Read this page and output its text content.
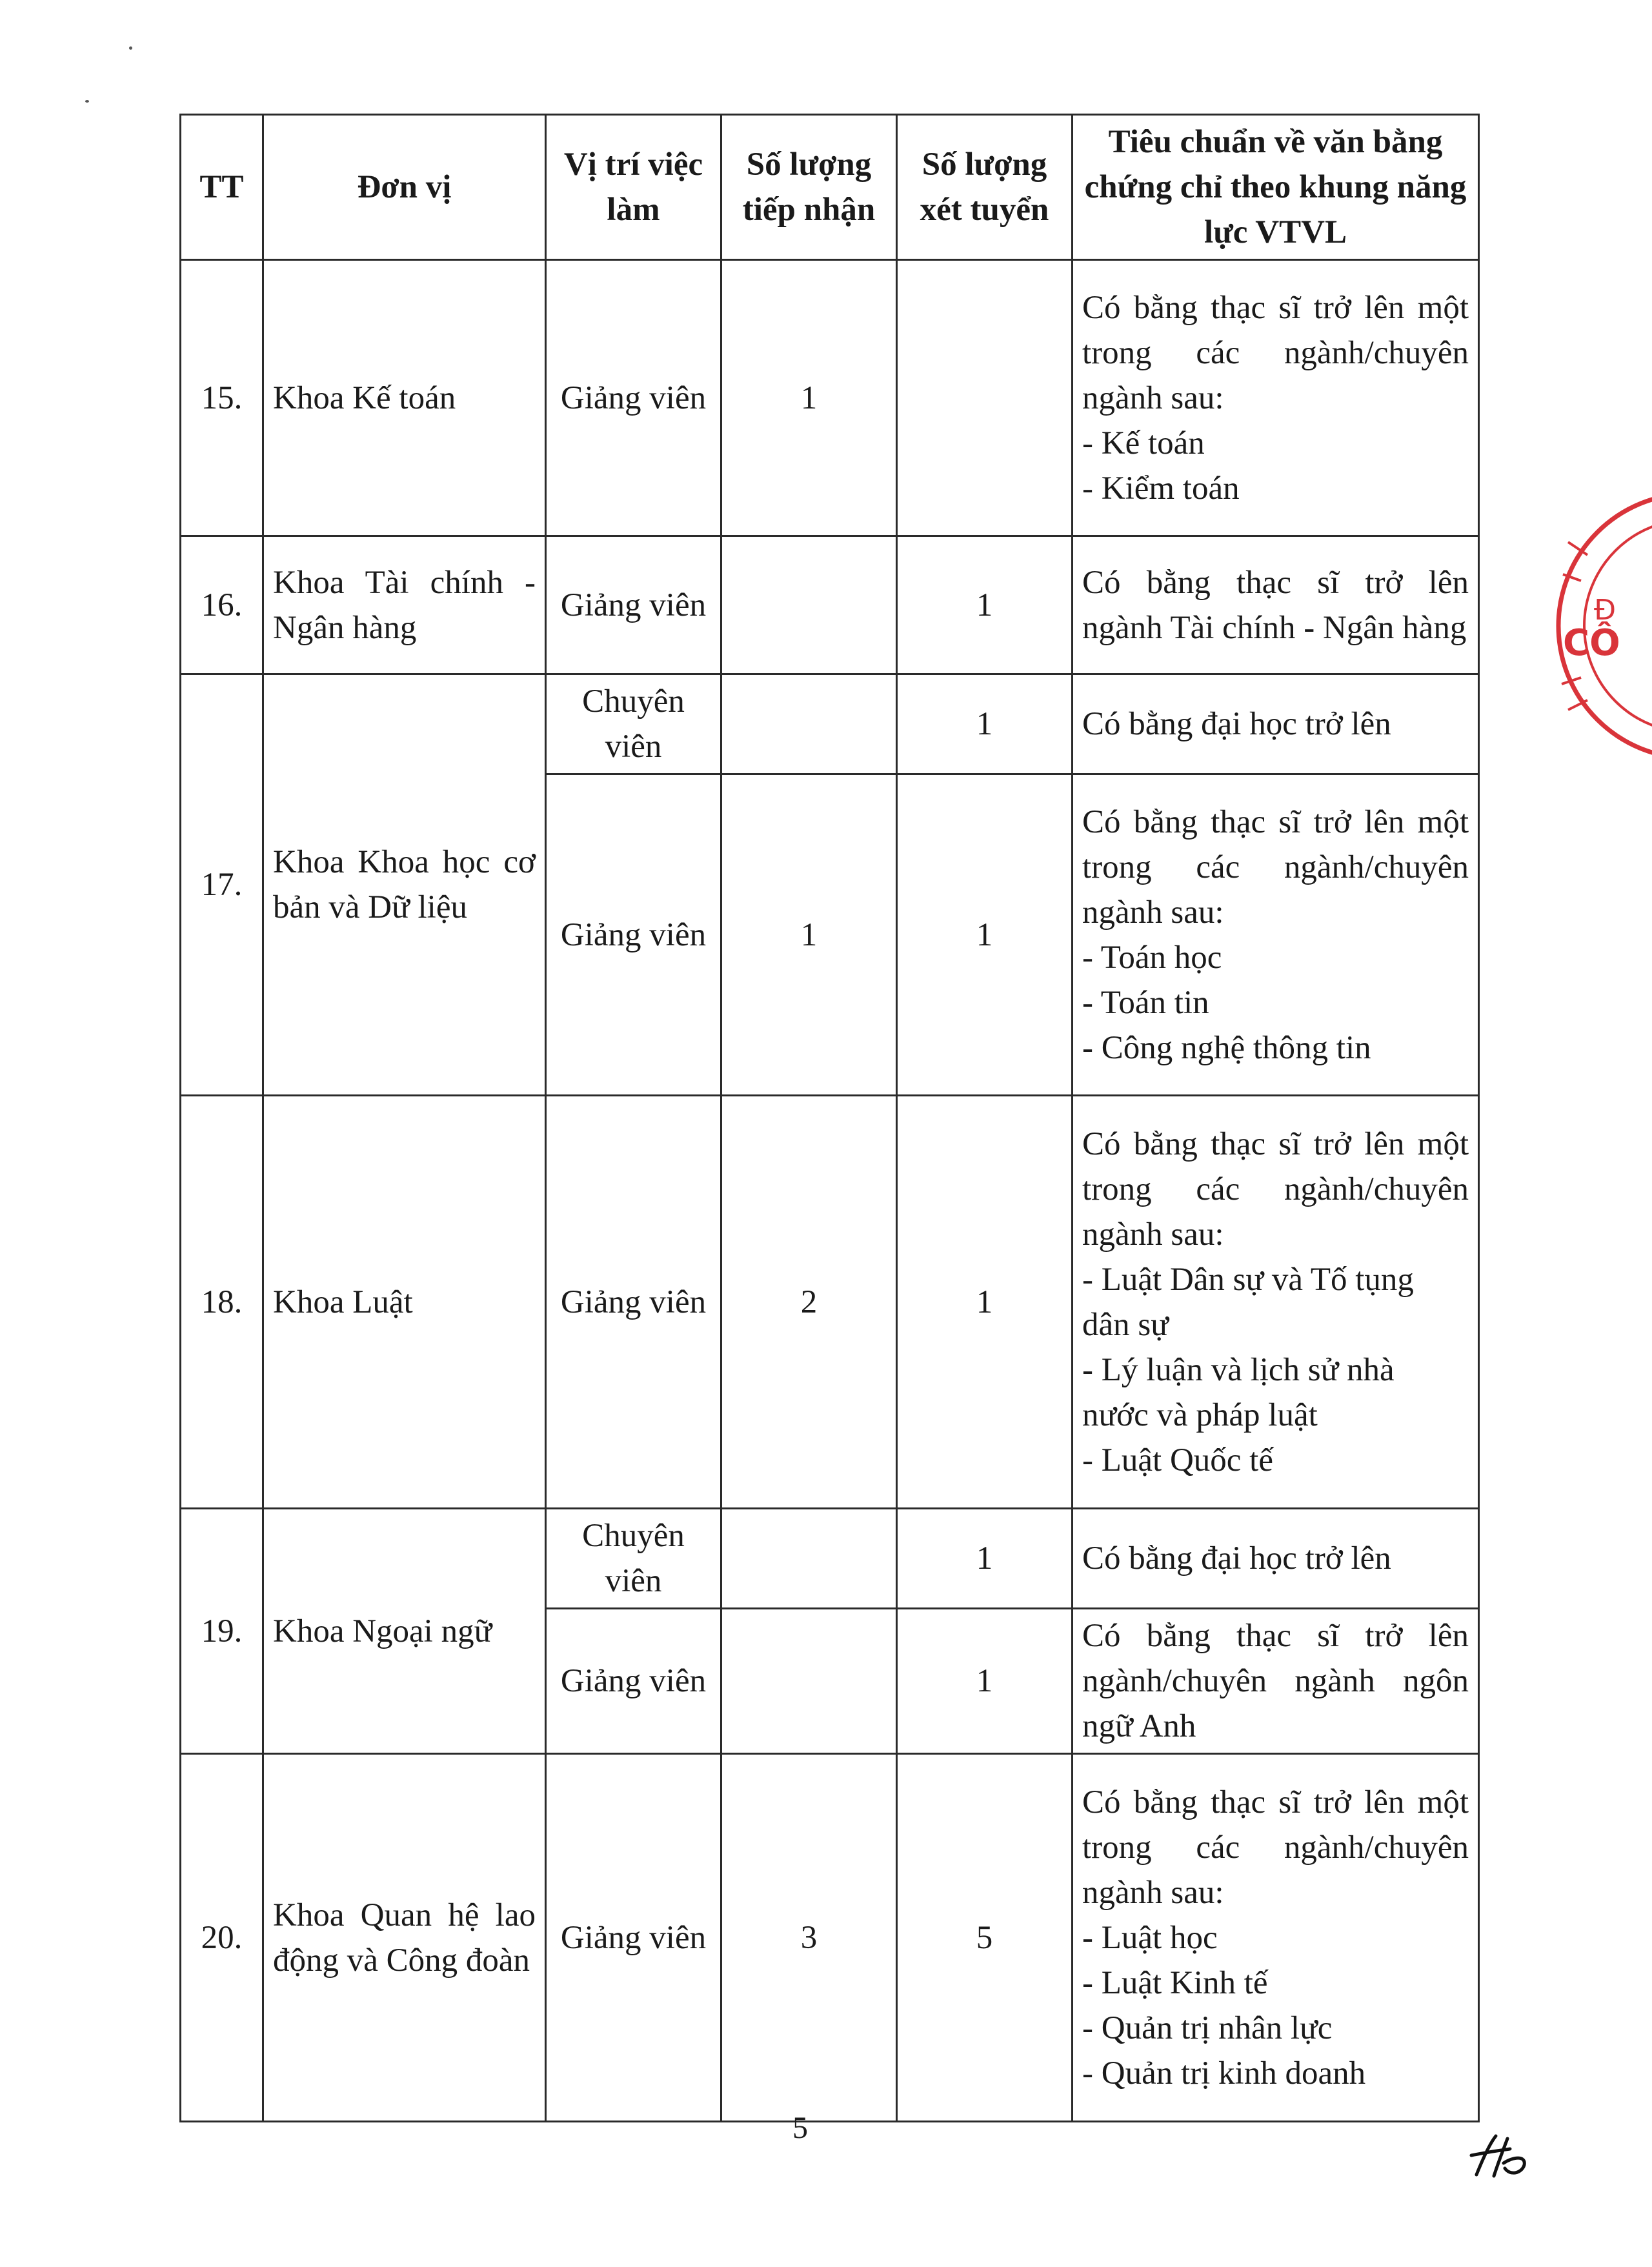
TT	Đơn vị	Vị trí việc làm	Số lượng tiếp nhận	Số lượng xét tuyển	Tiêu chuẩn về văn bằng chứng chỉ theo khung năng lực VTVL
15.	Khoa Kế toán	Giảng viên	1		Có bằng thạc sĩ trở lên một trong các ngành/chuyên ngành sau:
- Kế toán
- Kiểm toán

16.	Khoa Tài chính - Ngân hàng	Giảng viên		1	Có bằng thạc sĩ trở lên ngành Tài chính - Ngân hàng

17.	Khoa Khoa học cơ bản và Dữ liệu	Chuyên viên		1	Có bằng đại học trở lên

		Giảng viên	1	1	Có bằng thạc sĩ trở lên một trong các ngành/chuyên ngành sau:
- Toán học
- Toán tin
- Công nghệ thông tin

18.	Khoa Luật	Giảng viên	2	1	Có bằng thạc sĩ trở lên một trong các ngành/chuyên ngành sau:
- Luật Dân sự và Tố tụng dân sự
- Lý luận và lịch sử nhà nước và pháp luật
- Luật Quốc tế

19.	Khoa Ngoại ngữ	Chuyên viên		1	Có bằng đại học trở lên

		Giảng viên		1	Có bằng thạc sĩ trở lên ngành/chuyên ngành ngôn ngữ Anh

20.	Khoa Quan hệ lao động và Công đoàn	Giảng viên	3	5	Có bằng thạc sĩ trở lên một trong các ngành/chuyên ngành sau:
- Luật học
- Luật Kinh tế
- Quản trị nhân lực
- Quản trị kinh doanh
5
CÔ
Đ
